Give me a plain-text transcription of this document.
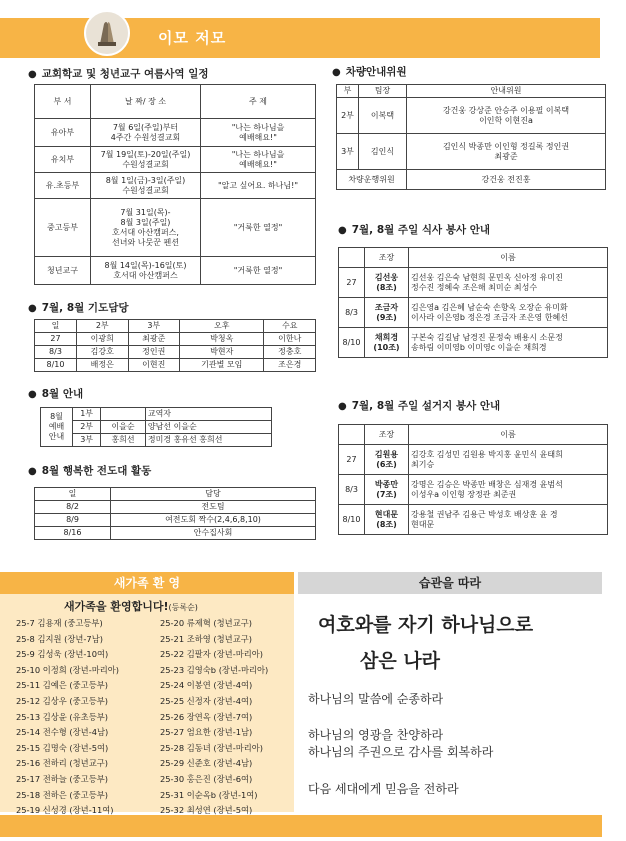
이모 저모
● 교회학교 및 청년교구 여름사역 일정
부 서	날 짜/ 장 소	주 제
유아부	7월 6일(주일)부터
4주간 수원성결교회	"나는 하나님을
예배해요!"

유치부	7월 19일(토)-20일(주일)
수원성결교회	"나는 하나님을
예배해요!"

유.초등부	8월 1일(금)-3일(주일)
수원성결교회	"알고 싶어요. 하나님!"

중고등부	7월 31일(목)-
8월 3일(주일)
호서대 아산캠퍼스,
선녀와 나뭇꾼 펜션	"거룩한 열정"

청년교구	8월 14일(목)-16일(토)
호서대 아산캠퍼스	"거룩한 열정"
● 7월, 8월 기도담당
일	2부	3부	오후	수요
27	이광희	최광준	박청옥	이한나
8/3	김강호	정인권	박현자	정충호
8/10	배정은	이현진	기관별 모임	조은경
● 8월 안내
8월
예배
안내	1부		교역자
	2부	이을순	양남선 이을순
	3부	홍희선	정미경 홍유선 홍희선
● 8월 행복한 전도대 활동
일	담당
8/2	전도팀
8/9	여전도회 짝수(2,4,6,8,10)
8/16	안수집사회
● 차량안내위원
부	팀장	안내위원
2부	이복택	강건웅 강상준 안승주 이용필 이복택
이인학 이현진a

3부	김인식	김인식 박종만 이인형 정길록 정인권
최광준

차량운행위원		강건웅 전진홍
● 7월, 8월 주일 식사 봉사 안내
	조장	이름
27	김선웅
(8조)	김선웅 김은숙 남현희 문민옥 신아정 유미진
정수진 정혜숙 조은해 최미순 최성수

8/3	조금자
(9조)	김은영a 김은혜 남순숙 손향옥 오장순 유미화
이사라 이은영b 정은경 조금자 조은영 한혜선

8/10	채희경
(10조)	구본숙 김길남 남경진 문정숙 배용시 소문정
송하림 이미영b 이미영c 이을순 채희경
● 7월, 8월 주일 설거지 봉사 안내
	조장	이름
27	김원용
(6조)	김강호 김성민 김원용 박지홍 윤민식 윤태희
최기승

8/3	박종만
(7조)	강명은 김승은 박종만 배창은 심재경 윤범석
이성우a 이인형 장정관 최준권

8/10	현대문
(8조)	강용철 권남주 김용근 박성호 배상훈 윤 경
현대문
새가족 환 영
새가족을 환영합니다!(등록순)
25-7 김용재 (중고등부)
25-8 김지원 (장년-7남)
25-9 김성욱 (장년-10여)
25-10 이정희 (장년-마리아)
25-11 김예은 (중고등부)
25-12 김상우 (중고등부)
25-13 김상윤 (유초등부)
25-14 전수형 (장년-4남)
25-15 김명숙 (장년-5여)
25-16 전하리 (청년교구)
25-17 전하늘 (중고등부)
25-18 전하은 (중고등부)
25-19 신성경 (장년-11여)
25-20 류제혁 (청년교구)
25-21 조하영 (청년교구)
25-22 김팔자 (장년-마리아)
25-23 김영숙b (장년-마리아)
25-24 이봉연 (장년-4여)
25-25 신정자 (장년-4여)
25-26 장연옥 (장년-7여)
25-27 엄요한 (장년-1남)
25-28 김동녀 (장년-마리아)
25-29 신준호 (장년-4남)
25-30 홍은진 (장년-6여)
25-31 이순옥b (장년-1여)
25-32 최성연 (장년-5여)
습관을 따라
여호와를 자기 하나님으로
삼은 나라
하나님의 말씀에 순종하라
하나님의 영광을 찬양하라
하나님의 주권으로 감사를 회복하라
다음 세대에게 믿음을 전하라
